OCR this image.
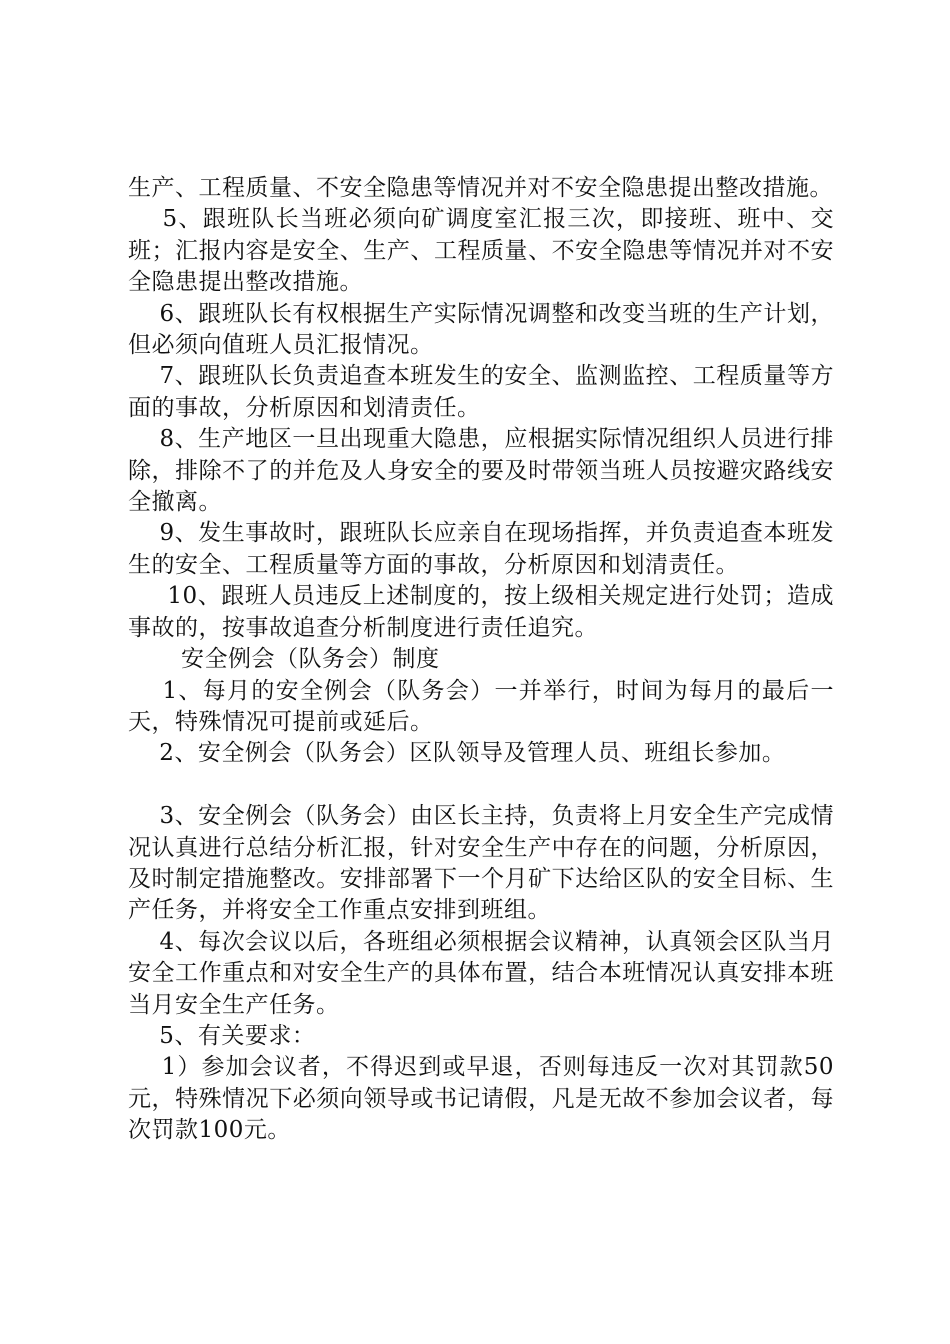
生产、工程质量、不安全隐患等情况并对不安全隐患提出整改措施。

5、跟班队长当班必须向矿调度室汇报三次，即接班、班中、交班；汇报内容是安全、生产、工程质量、不安全隐患等情况并对不安全隐患提出整改措施。

6、跟班队长有权根据生产实际情况调整和改变当班的生产计划，但必须向值班人员汇报情况。

7、跟班队长负责追查本班发生的安全、监测监控、工程质量等方面的事故，分析原因和划清责任。

8、生产地区一旦出现重大隐患，应根据实际情况组织人员进行排除，排除不了的并危及人身安全的要及时带领当班人员按避灾路线安全撤离。

9、发生事故时，跟班队长应亲自在现场指挥，并负责追查本班发生的安全、工程质量等方面的事故，分析原因和划清责任。

10、跟班人员违反上述制度的，按上级相关规定进行处罚；造成事故的，按事故追查分析制度进行责任追究。

安全例会（队务会）制度

1、每月的安全例会（队务会）一并举行，时间为每月的最后一天，特殊情况可提前或延后。

2、安全例会（队务会）区队领导及管理人员、班组长参加。

3、安全例会（队务会）由区长主持，负责将上月安全生产完成情况认真进行总结分析汇报，针对安全生产中存在的问题，分析原因，及时制定措施整改。安排部署下一个月矿下达给区队的安全目标、生产任务，并将安全工作重点安排到班组。

4、每次会议以后，各班组必须根据会议精神，认真领会区队当月安全工作重点和对安全生产的具体布置，结合本班情况认真安排本班当月安全生产任务。

5、有关要求：

1）参加会议者，不得迟到或早退，否则每违反一次对其罚款50元，特殊情况下必须向领导或书记请假，凡是无故不参加会议者，每次罚款100元。
